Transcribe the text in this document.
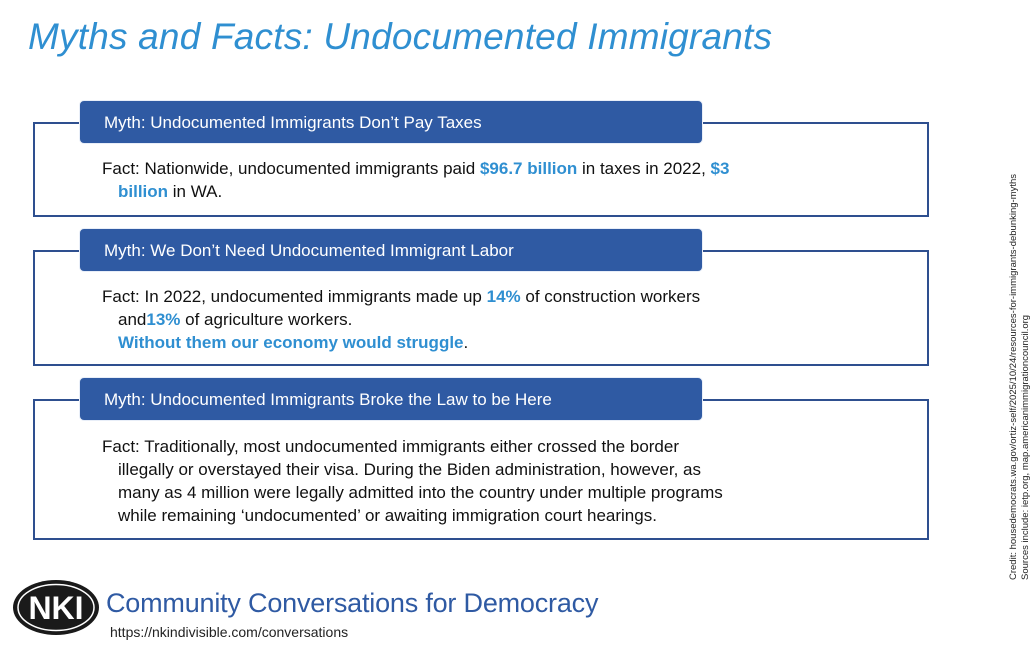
Myths and Facts: Undocumented Immigrants
Myth: Undocumented Immigrants Don’t Pay Taxes
Fact: Nationwide, undocumented immigrants paid $96.7 billion in taxes in 2022, $3
billion in WA.
Myth: We Don’t Need Undocumented Immigrant Labor
Fact: In 2022, undocumented immigrants made up 14% of construction workers
and13% of agriculture workers.
Without them our economy would struggle.
Myth: Undocumented Immigrants Broke the Law to be Here
Fact: Traditionally, most undocumented immigrants either crossed the border
illegally or overstayed their visa. During the Biden administration, however, as
many as 4 million were legally admitted into the country under multiple programs
while remaining ‘undocumented’ or awaiting immigration court hearings.	Credit: housedemocrats.wa.gov/ortiz-self/2025/10/24/resources-for-immigrants-debunking-myths Sources include: ietp.org, map.americanimmigrationcouncil.org
NKI Community Conversations for Democracy
https://nkindivisible.com/conversations
